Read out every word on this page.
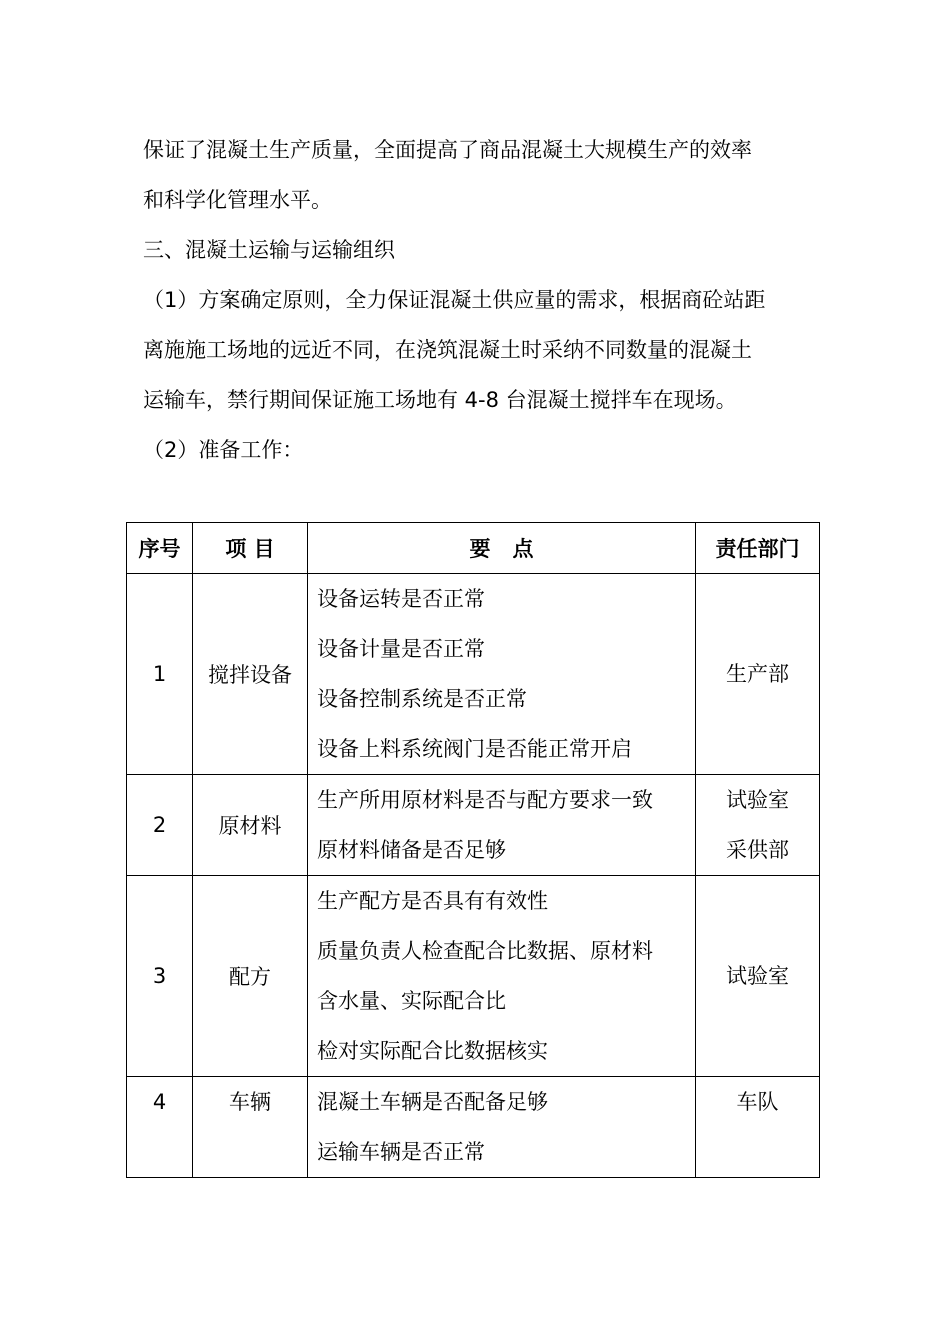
保证了混凝土生产质量，全面提高了商品混凝土大规模生产的效率

和科学化管理水平。

三、混凝土运输与运输组织

（1）方案确定原则，全力保证混凝土供应量的需求，根据商砼站距

离施施工场地的远近不同，在浇筑混凝土时采纳不同数量的混凝土

运输车，禁行期间保证施工场地有 4-8 台混凝土搅拌车在现场。

（2）准备工作：

序号	项 目	要   点	责任部门
1	搅拌设备	设备运转是否正常
设备计量是否正常
设备控制系统是否正常
设备上料系统阀门是否能正常开启	生产部

2	原材料	生产所用原材料是否与配方要求一致
原材料储备是否足够	试验室
采供部

3	配方	生产配方是否具有有效性
质量负责人检查配合比数据、原材料
含水量、实际配合比
检对实际配合比数据核实	试验室

4	车辆	混凝土车辆是否配备足够
运输车辆是否正常	车队
